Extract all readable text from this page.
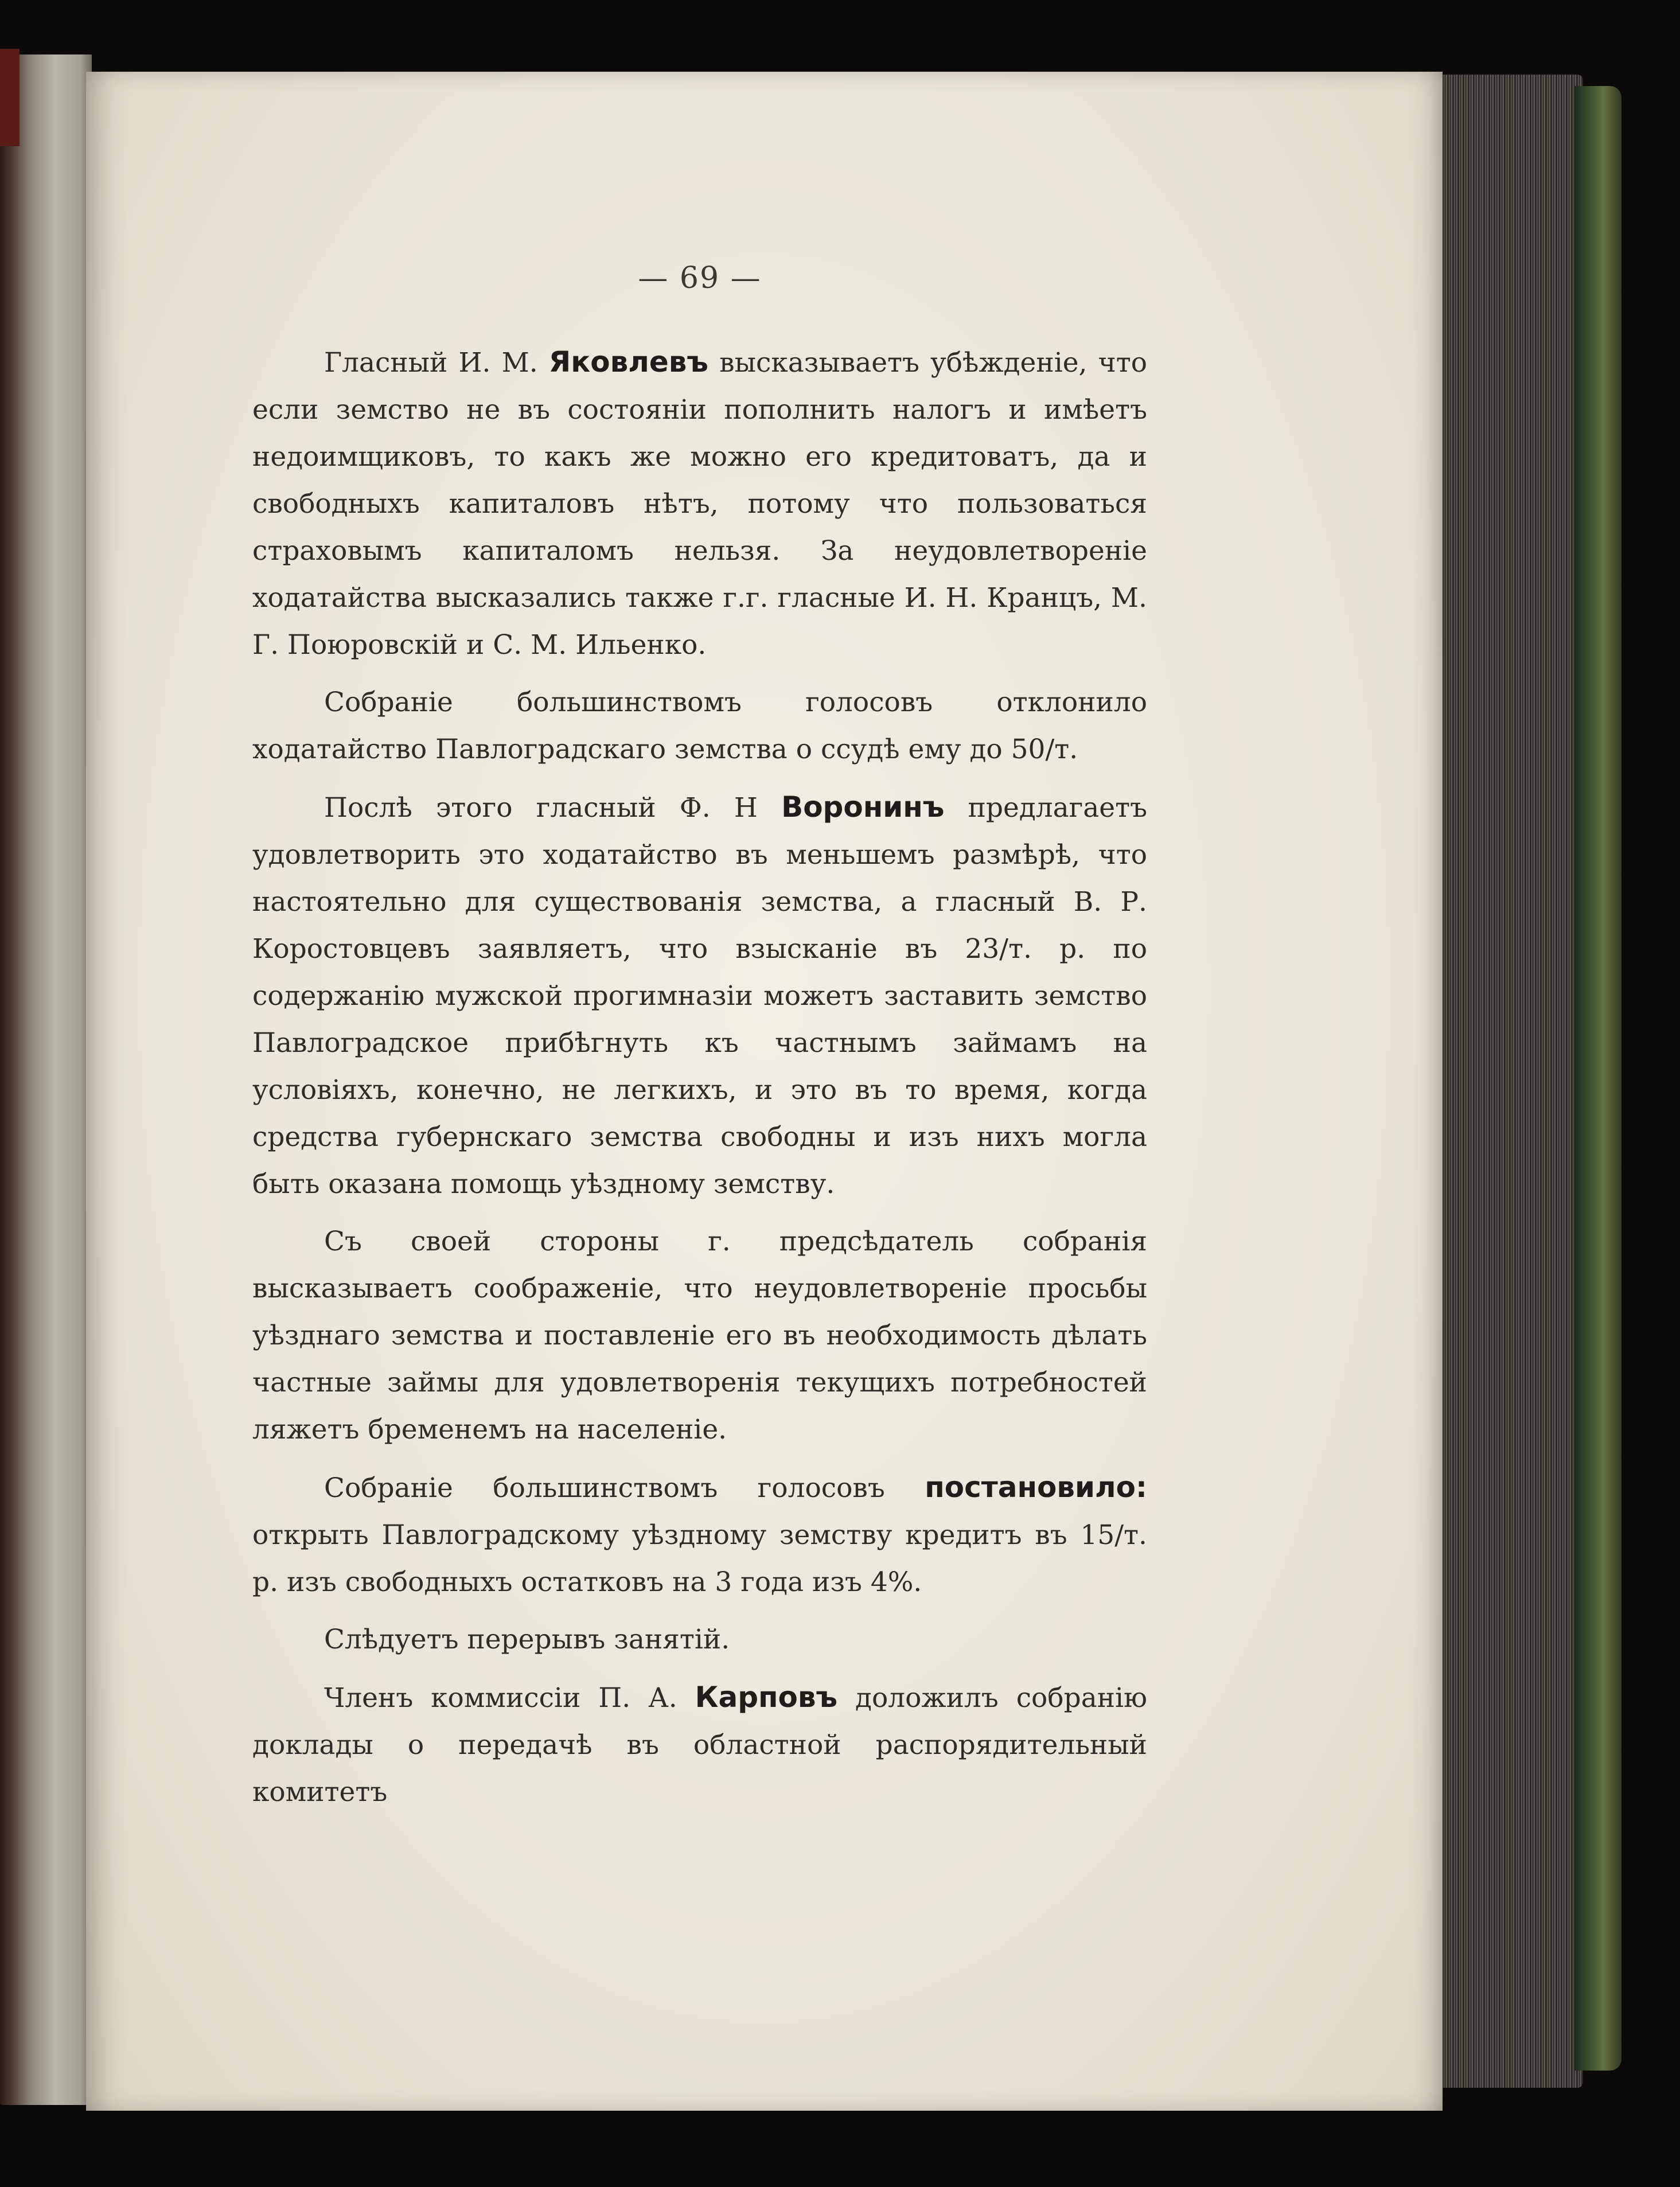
— 69 —

Гласный И. М. Яковлевъ высказываетъ убѣжденіе, что если земство не въ состояніи пополнить налогъ и имѣетъ недоимщиковъ, то какъ же можно его кредитоватъ, да и свободныхъ капиталовъ нѣтъ, потому что пользоваться страховымъ капиталомъ нельзя. За неудовлетвореніе ходатайства высказались также г.г. гласные И. Н. Кранцъ, М. Г. Поюровскій и С. М. Ильенко.

Собраніе большинствомъ голосовъ отклонило ходатайство Павлоградскаго земства о ссудѣ ему до 50/т.

Послѣ этого гласный Ф. Н Воронинъ предлагаетъ удовлетворить это ходатайство въ меньшемъ размѣрѣ, что настоятельно для существованія земства, а гласный В. Р. Коростовцевъ заявляетъ, что взысканіе въ 23/т. р. по содержанію мужской прогимназіи можетъ заставить земство Павлоградское прибѣгнуть къ частнымъ займамъ на условіяхъ, конечно, не легкихъ, и это въ то время, когда средства губернскаго земства свободны и изъ нихъ могла быть оказана помощь уѣздному земству.

Съ своей стороны г. предсѣдатель собранія высказываетъ соображеніе, что неудовлетвореніе просьбы уѣзднаго земства и поставленіе его въ необходимость дѣлать частные займы для удовлетворенія текущихъ потребностей ляжетъ бременемъ на населеніе.

Собраніе большинствомъ голосовъ постановило: открыть Павлоградскому уѣздному земству кредитъ въ 15/т. р. изъ свободныхъ остатковъ на 3 года изъ 4%.

Слѣдуетъ перерывъ занятій.

Членъ коммиссіи П. А. Карповъ доложилъ собранію доклады о передачѣ въ областной распорядительный комитетъ
